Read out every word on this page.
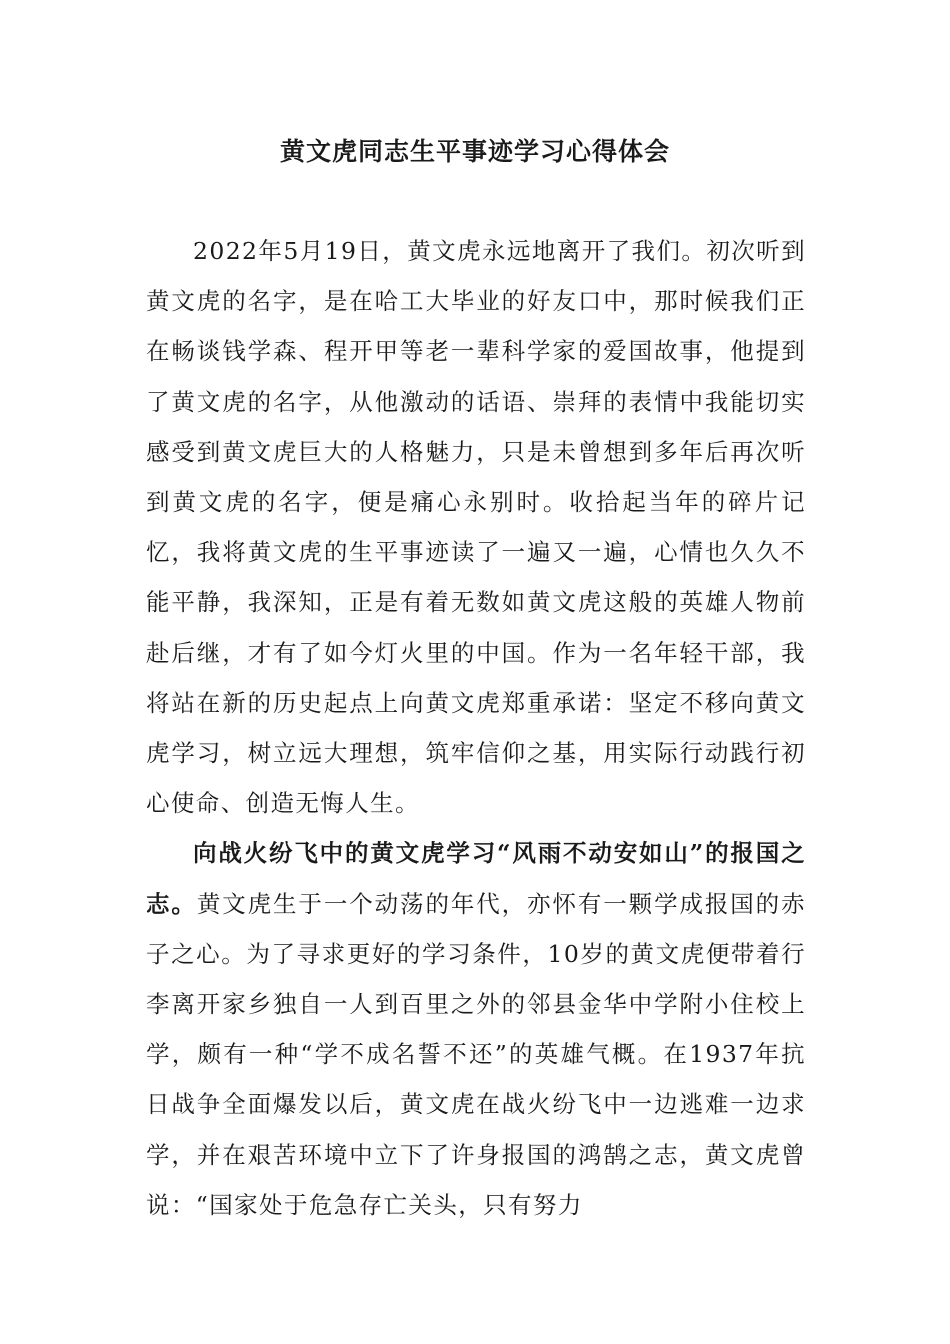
黄文虎同志生平事迹学习心得体会

2022年5月19日，黄文虎永远地离开了我们。初次听到黄文虎的名字，是在哈工大毕业的好友口中，那时候我们正在畅谈钱学森、程开甲等老一辈科学家的爱国故事，他提到了黄文虎的名字，从他激动的话语、崇拜的表情中我能切实感受到黄文虎巨大的人格魅力，只是未曾想到多年后再次听到黄文虎的名字，便是痛心永别时。收拾起当年的碎片记忆，我将黄文虎的生平事迹读了一遍又一遍，心情也久久不能平静，我深知，正是有着无数如黄文虎这般的英雄人物前赴后继，才有了如今灯火里的中国。作为一名年轻干部，我将站在新的历史起点上向黄文虎郑重承诺：坚定不移向黄文虎学习，树立远大理想，筑牢信仰之基，用实际行动践行初心使命、创造无悔人生。

向战火纷飞中的黄文虎学习“风雨不动安如山”的报国之志。黄文虎生于一个动荡的年代，亦怀有一颗学成报国的赤子之心。为了寻求更好的学习条件，10岁的黄文虎便带着行李离开家乡独自一人到百里之外的邻县金华中学附小住校上学，颇有一种“学不成名誓不还”的英雄气概。在1937年抗日战争全面爆发以后，黄文虎在战火纷飞中一边逃难一边求学，并在艰苦环境中立下了许身报国的鸿鹄之志，黄文虎曾说：“国家处于危急存亡关头，只有努力
